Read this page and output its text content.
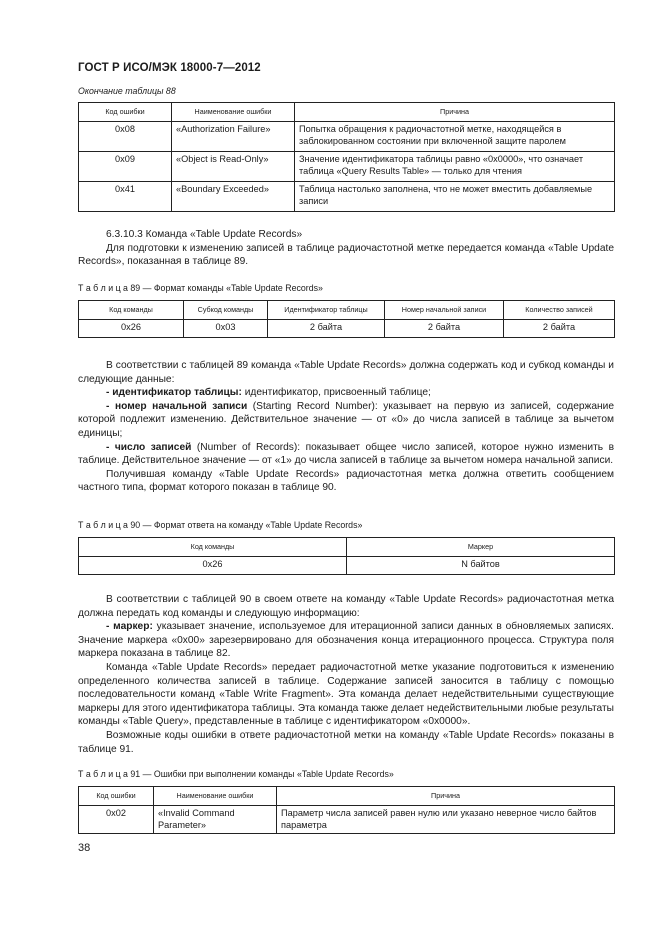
ГОСТ Р ИСО/МЭК 18000-7—2012
Окончание таблицы 88
Код ошибки	Наименование ошибки	Причина
0x08	«Authorization Failure»	Попытка обращения к радиочастотной метке, находящейся в заблокированном состоянии при включенной защите паролем
0x09	«Object is Read-Only»	Значение идентификатора таблицы равно «0x0000», что означает таблица «Query Results Table» — только для чтения
0x41	«Boundary Exceeded»	Таблица настолько заполнена, что не может вместить добавляемые записи

6.3.10.3 Команда «Table Update Records»

Для подготовки к изменению записей в таблице радиочастотной метке передается команда «Table Update Records», показанная в таблице 89.

Т а б л и ц а 89 — Формат команды «Table Update Records»
Код команды	Субкод команды	Идентификатор таблицы	Номер начальной записи	Количество записей
0x26	0x03	2 байта	2 байта	2 байта

В соответствии с таблицей 89 команда «Table Update Records» должна содержать код и субкод команды и следующие данные:

- идентификатор таблицы: идентификатор, присвоенный таблице;

- номер начальной записи (Starting Record Number): указывает на первую из записей, содержание которой подлежит изменению. Действительное значение — от «0» до числа записей в таблице за вычетом единицы;

- число записей (Number of Records): показывает общее число записей, которое нужно изменить в таблице. Действительное значение — от «1» до числа записей в таблице за вычетом номера начальной записи.

Получившая команду «Table Update Records» радиочастотная метка должна ответить сообщением частного типа, формат которого показан в таблице 90.

Т а б л и ц а 90 — Формат ответа на команду «Table Update Records»
Код команды	Маркер
0x26	N байтов

В соответствии с таблицей 90 в своем ответе на команду «Table Update Records» радиочастотная метка должна передать код команды и следующую информацию:

- маркер: указывает значение, используемое для итерационной записи данных в обновляемых записях. Значение маркера «0x00» зарезервировано для обозначения конца итерационного процесса. Структура поля маркера показана в таблице 82.

Команда «Table Update Records» передает радиочастотной метке указание подготовиться к изменению определенного количества записей в таблице. Содержание записей заносится в таблицу с помощью последовательности команд «Table Write Fragment». Эта команда делает недействительными существующие маркеры для этого идентификатора таблицы. Эта команда также делает недействительными любые результаты команды «Table Query», представленные в таблице с идентификатором «0x0000».

Возможные коды ошибки в ответе радиочастотной метки на команду «Table Update Records» показаны в таблице 91.

Т а б л и ц а 91 — Ошибки при выполнении команды «Table Update Records»
Код ошибки	Наименование ошибки	Причина
0x02	«Invalid Command Parameter»	Параметр числа записей равен нулю или указано неверное число байтов параметра
38
